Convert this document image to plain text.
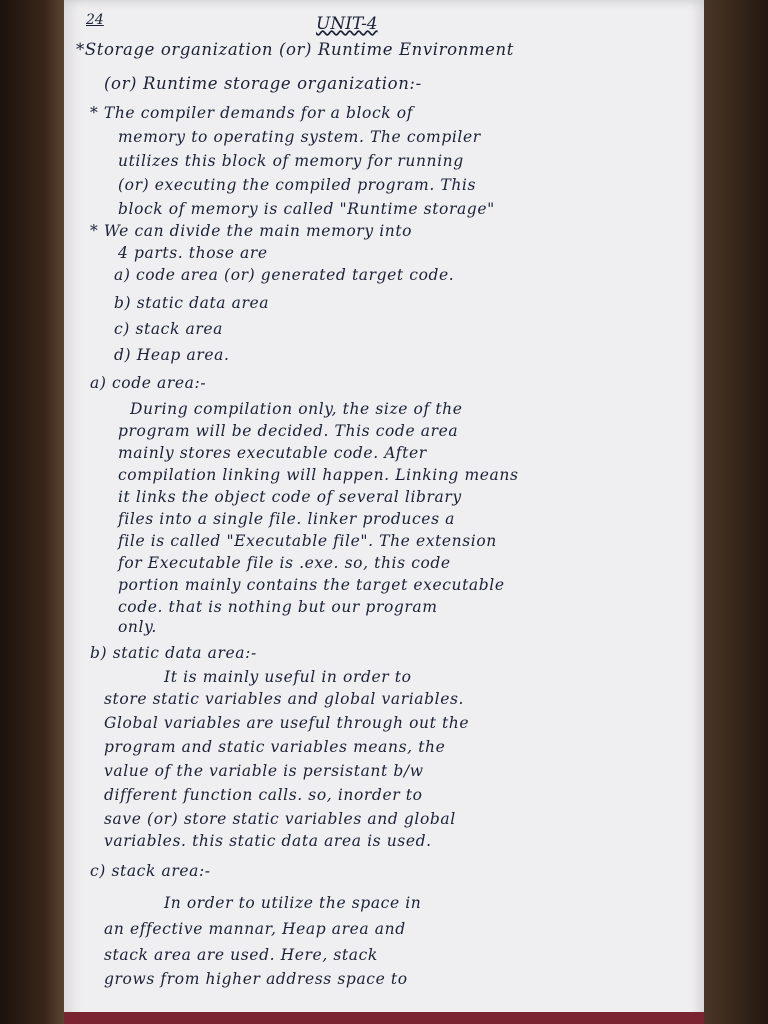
24	UNIT-4
*Storage organization (or) Runtime Environment
(or) Runtime storage organization:-
* The compiler demands for a block of
memory to operating system. The compiler
utilizes this block of memory for running
(or) executing the compiled program. This
block of memory is called "Runtime storage"
* We can divide the main memory into
4 parts. those are
a) code area (or) generated target code.
b) static data area
c) stack area
d) Heap area.
a) code area:-
During compilation only, the size of the
program will be decided. This code area
mainly stores executable code. After
compilation linking will happen. Linking means
it links the object code of several library
files into a single file. linker produces a
file is called "Executable file". The extension
for Executable file is .exe. so, this code
portion mainly contains the target executable
code. that is nothing but our program
only.
b) static data area:-
It is mainly useful in order to
store static variables and global variables.
Global variables are useful through out the
program and static variables means, the
value of the variable is persistant b/w
different function calls. so, inorder to
save (or) store static variables and global
variables. this static data area is used.
c) stack area:-
In order to utilize the space in
an effective mannar, Heap area and
stack area are used. Here, stack
grows from higher address space to
